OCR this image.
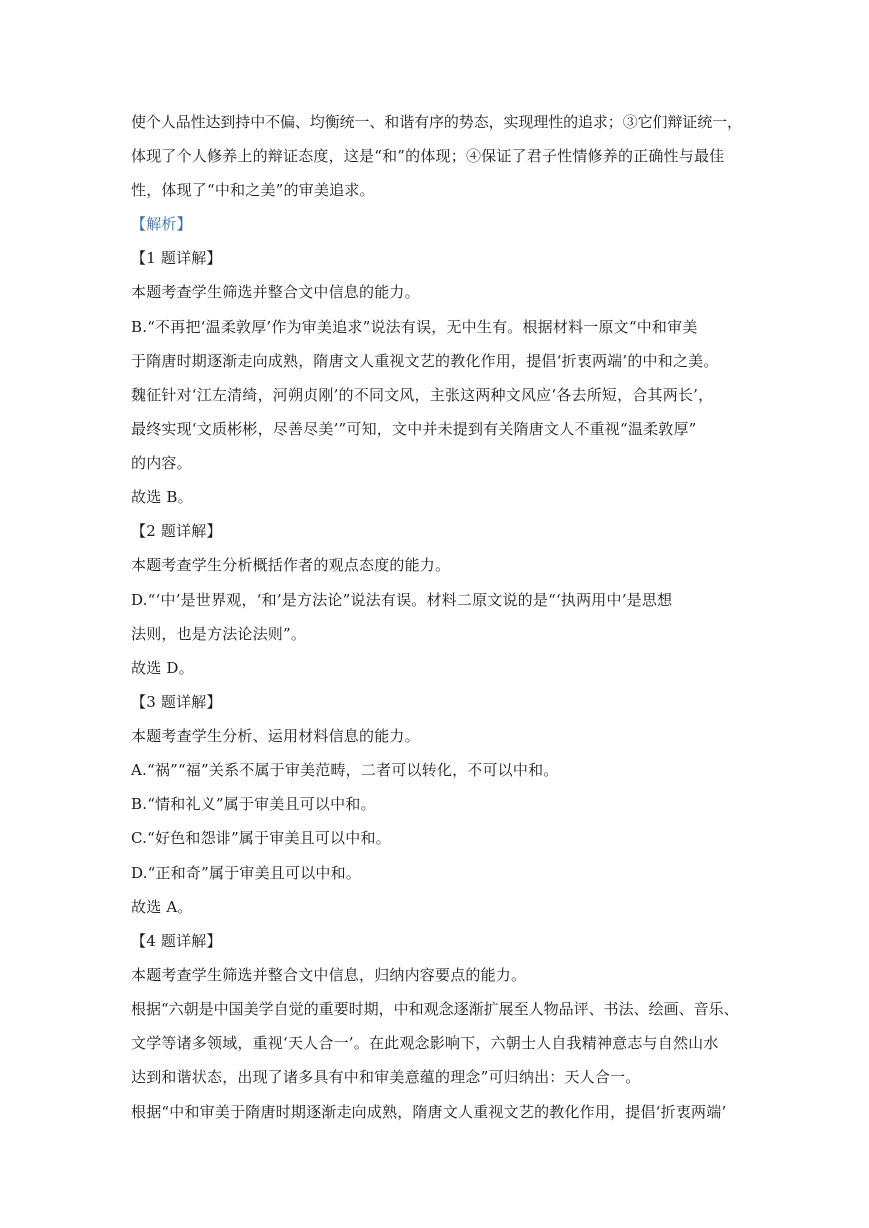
使个人品性达到持中不偏、均衡统一、和谐有序的势态，实现理性的追求；③它们辩证统一，
体现了个人修养上的辩证态度，这是“和”的体现；④保证了君子性情修养的正确性与最佳
性，体现了“中和之美”的审美追求。
【解析】
【1 题详解】
本题考查学生筛选并整合文中信息的能力。
B.“不再把‘温柔敦厚’作为审美追求”说法有误，无中生有。根据材料一原文“中和审美
于隋唐时期逐渐走向成熟，隋唐文人重视文艺的教化作用，提倡‘折衷两端’的中和之美。
魏征针对‘江左清绮，河朔贞刚’的不同文风，主张这两种文风应‘各去所短，合其两长’，
最终实现‘文质彬彬，尽善尽美’”可知，文中并未提到有关隋唐文人不重视“温柔敦厚”
的内容。
故选 B。
【2 题详解】
本题考查学生分析概括作者的观点态度的能力。
D.“‘中’是世界观，‘和’是方法论”说法有误。材料二原文说的是“‘执两用中’是思想
法则，也是方法论法则”。
故选 D。
【3 题详解】
本题考查学生分析、运用材料信息的能力。
A.“祸”“福”关系不属于审美范畴，二者可以转化，不可以中和。
B.“情和礼义”属于审美且可以中和。
C.“好色和怨诽”属于审美且可以中和。
D.“正和奇”属于审美且可以中和。
故选 A。
【4 题详解】
本题考查学生筛选并整合文中信息，归纳内容要点的能力。
根据“六朝是中国美学自觉的重要时期，中和观念逐渐扩展至人物品评、书法、绘画、音乐、
文学等诸多领域，重视‘天人合一’。在此观念影响下，六朝士人自我精神意志与自然山水
达到和谐状态，出现了诸多具有中和审美意蕴的理念”可归纳出：天人合一。
根据“中和审美于隋唐时期逐渐走向成熟，隋唐文人重视文艺的教化作用，提倡‘折衷两端’
